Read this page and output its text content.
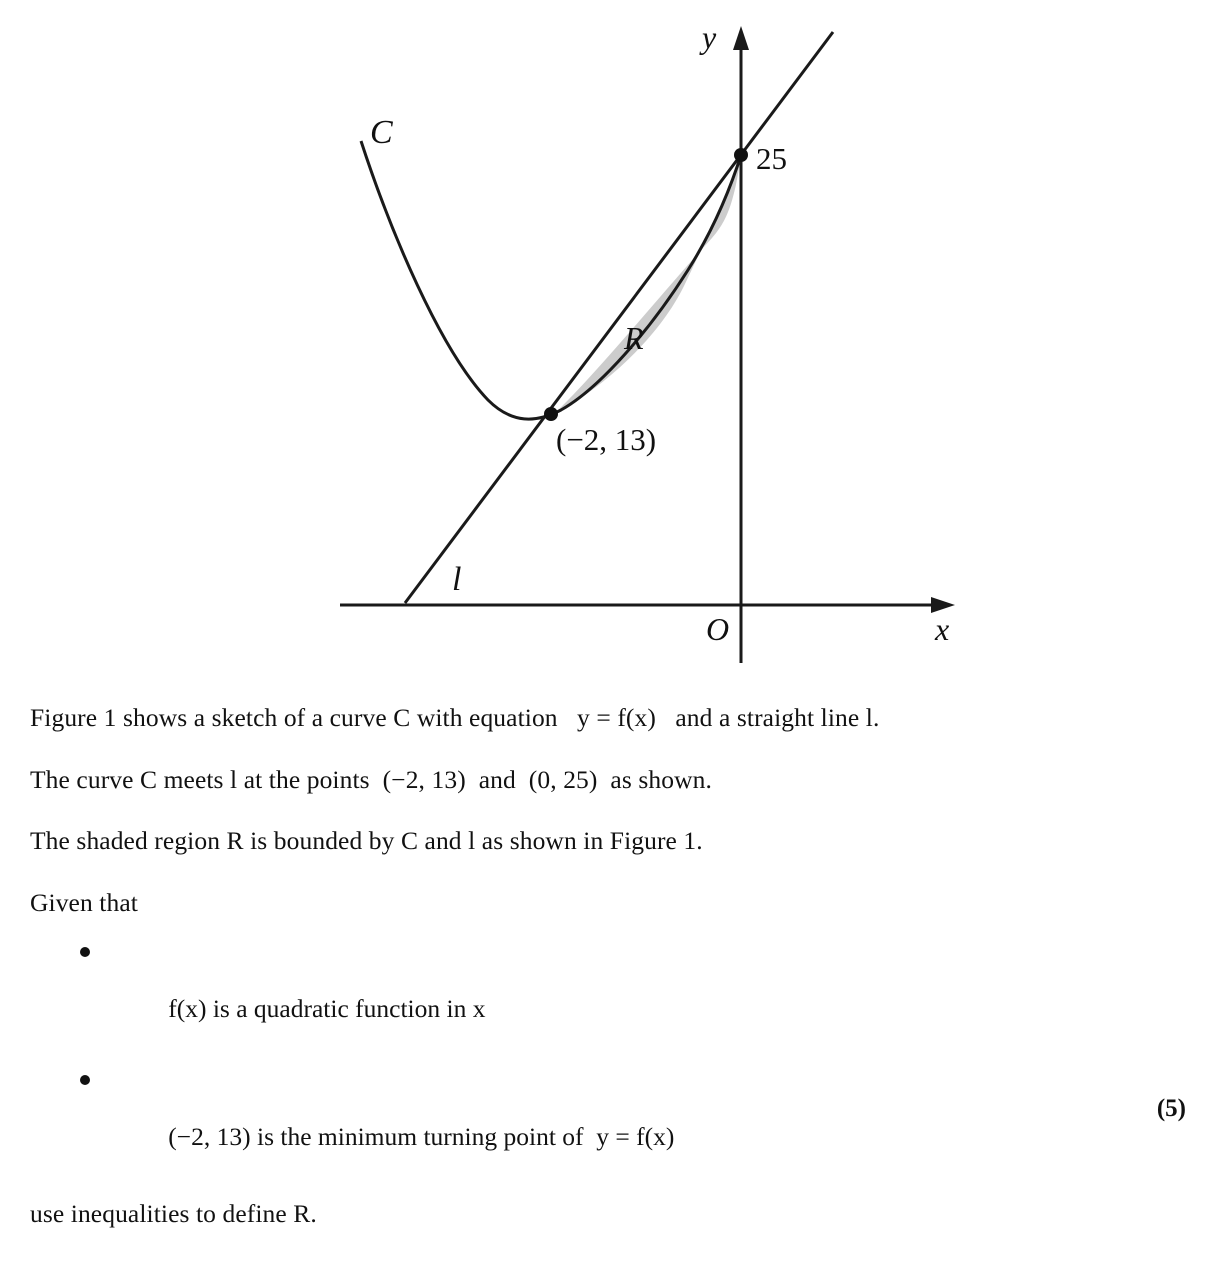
y
x
O
C
l
R
25
(−2, 13)

Figure 1 shows a sketch of a curve C with equation   y = f(x)   and a straight line l.

The curve C meets l at the points  (−2, 13)  and  (0, 25)  as shown.

The shaded region R is bounded by C and l as shown in Figure 1.

Given that

f(x) is a quadratic function in x

(−2, 13) is the minimum turning point of  y = f(x)

use inequalities to define R.

(5)
